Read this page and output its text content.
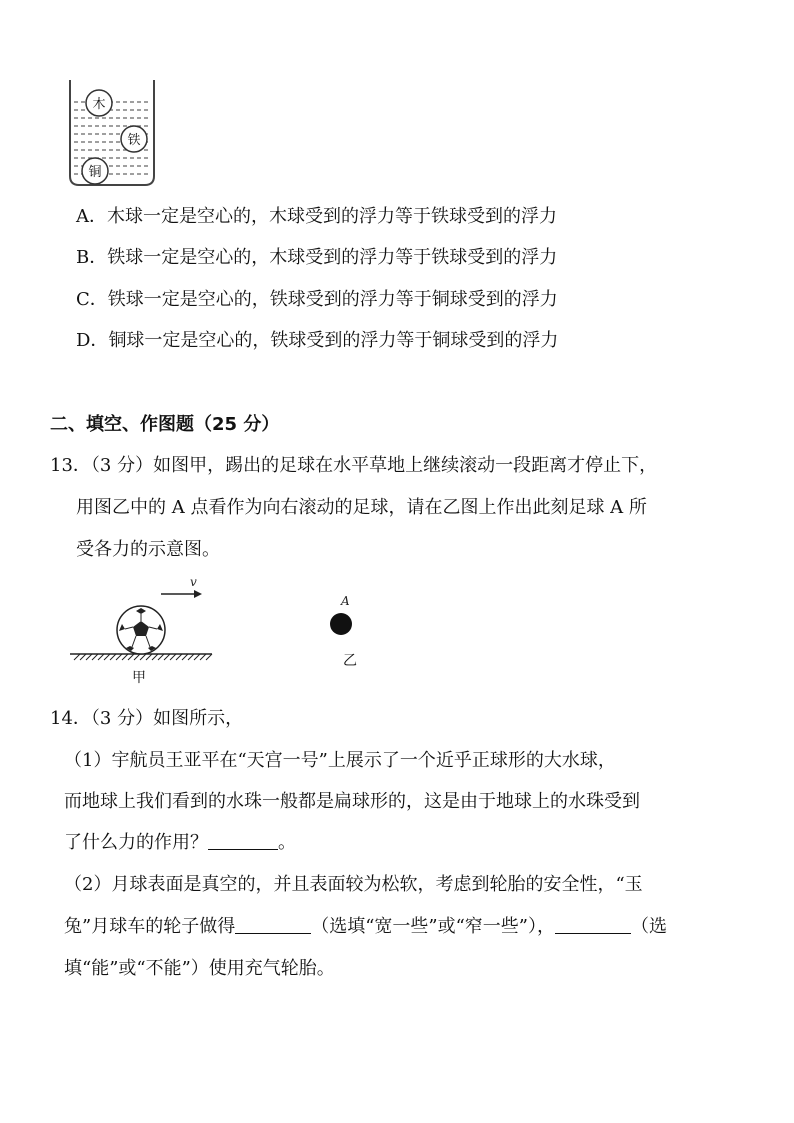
木
铁
铜
A．木球一定是空心的，木球受到的浮力等于铁球受到的浮力
B．铁球一定是空心的，木球受到的浮力等于铁球受到的浮力
C．铁球一定是空心的，铁球受到的浮力等于铜球受到的浮力
D．铜球一定是空心的，铁球受到的浮力等于铜球受到的浮力
二、填空、作图题（25 分）
13．（3 分）如图甲，踢出的足球在水平草地上继续滚动一段距离才停止下，
用图乙中的 A 点看作为向右滚动的足球，请在乙图上作出此刻足球 A 所
受各力的示意图。
v
甲
A
乙
14．（3 分）如图所示，
（1）宇航员王亚平在“天宫一号”上展示了一个近乎正球形的大水球，
而地球上我们看到的水珠一般都是扁球形的，这是由于地球上的水珠受到
了什么力的作用？	。
（2）月球表面是真空的，并且表面较为松软，考虑到轮胎的安全性，“玉
兔”月球车的轮子做得	（选填“宽一些”或“窄一些”），	（选
填“能”或“不能”）使用充气轮胎。
